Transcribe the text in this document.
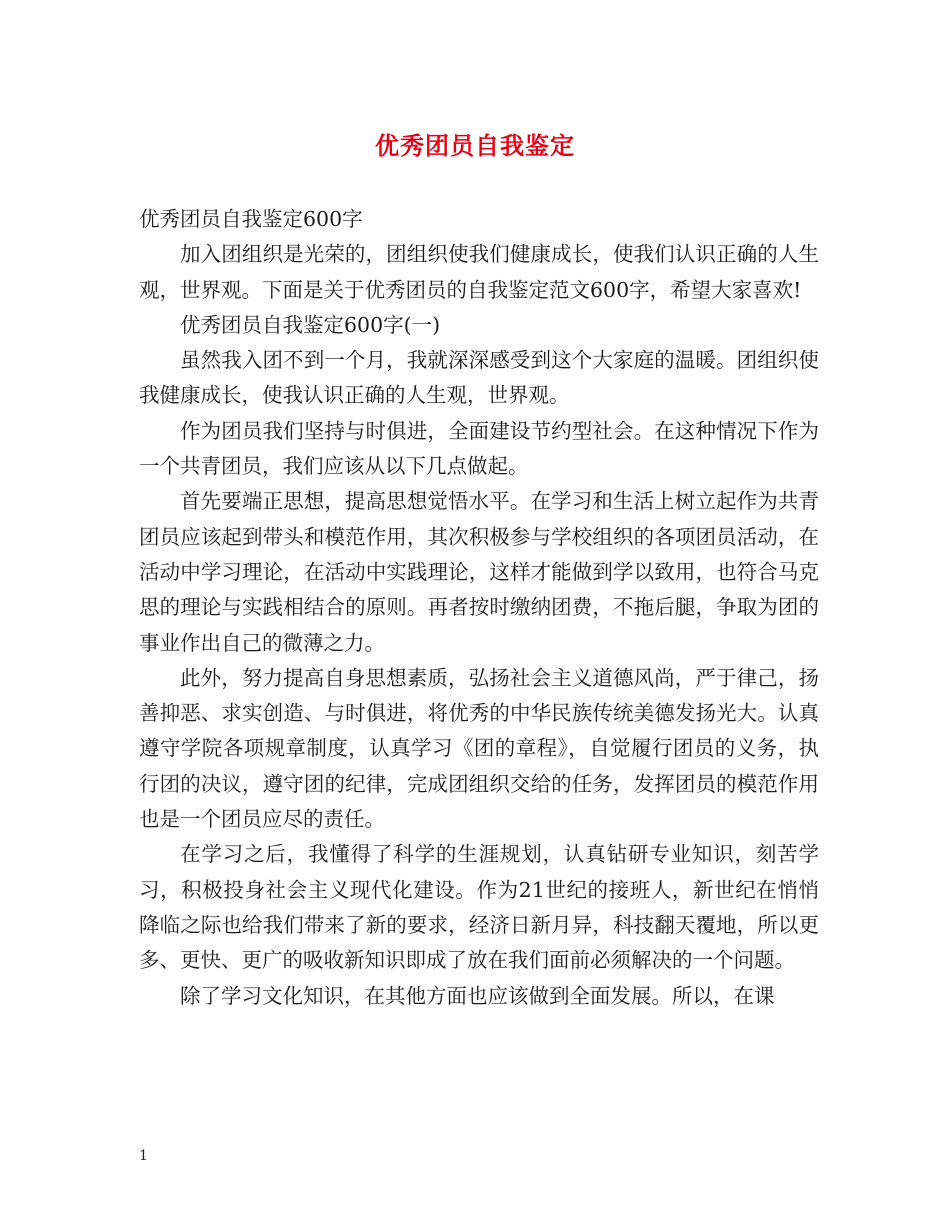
优秀团员自我鉴定

优秀团员自我鉴定600字

加入团组织是光荣的，团组织使我们健康成长，使我们认识正确的人生观，世界观。下面是关于优秀团员的自我鉴定范文600字，希望大家喜欢!

优秀团员自我鉴定600字(一)

虽然我入团不到一个月，我就深深感受到这个大家庭的温暖。团组织使我健康成长，使我认识正确的人生观，世界观。

作为团员我们坚持与时俱进，全面建设节约型社会。在这种情况下作为一个共青团员，我们应该从以下几点做起。

首先要端正思想，提高思想觉悟水平。在学习和生活上树立起作为共青团员应该起到带头和模范作用，其次积极参与学校组织的各项团员活动，在活动中学习理论，在活动中实践理论，这样才能做到学以致用，也符合马克思的理论与实践相结合的原则。再者按时缴纳团费，不拖后腿，争取为团的事业作出自己的微薄之力。

此外，努力提高自身思想素质，弘扬社会主义道德风尚，严于律己，扬善抑恶、求实创造、与时俱进，将优秀的中华民族传统美德发扬光大。认真遵守学院各项规章制度，认真学习《团的章程》，自觉履行团员的义务，执行团的决议，遵守团的纪律，完成团组织交给的任务，发挥团员的模范作用也是一个团员应尽的责任。

在学习之后，我懂得了科学的生涯规划，认真钻研专业知识，刻苦学习，积极投身社会主义现代化建设。作为21世纪的接班人，新世纪在悄悄降临之际也给我们带来了新的要求，经济日新月异，科技翻天覆地，所以更多、更快、更广的吸收新知识即成了放在我们面前必须解决的一个问题。

除了学习文化知识，在其他方面也应该做到全面发展。所以，在课

1
